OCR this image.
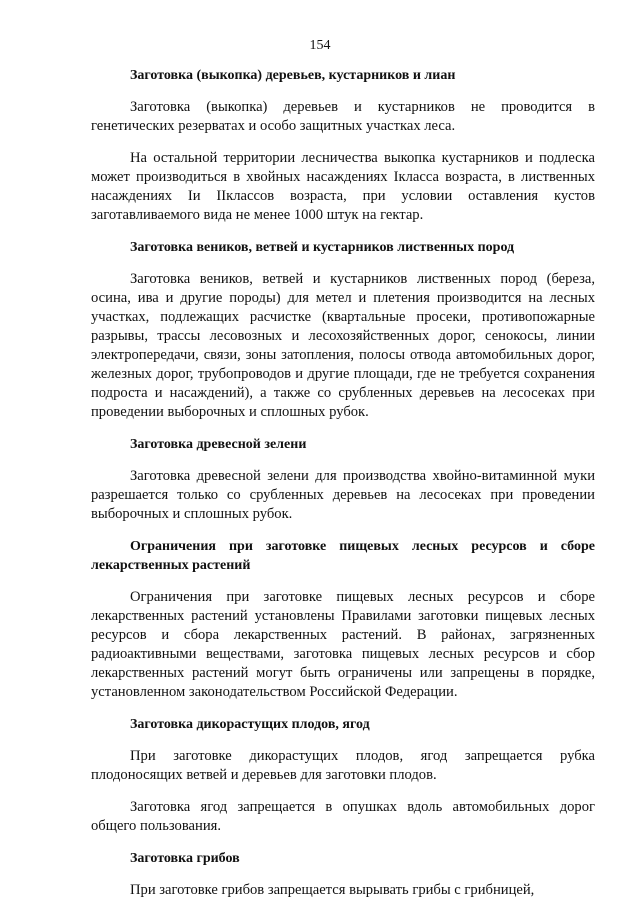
154
Заготовка (выкопка) деревьев, кустарников и лиан

Заготовка (выкопка) деревьев и кустарников не проводится в генетических резерватах и особо защитных участках леса.

На остальной территории лесничества выкопка кустарников и подлеска может производиться в хвойных насаждениях Iкласса возраста, в лиственных насаждениях Iи IIклассов возраста, при условии оставления кустов заготавливаемого вида не менее 1000 штук на гектар.

Заготовка веников, ветвей и кустарников лиственных пород

Заготовка веников, ветвей и кустарников лиственных пород (береза, осина, ива и другие породы) для метел и плетения производится на лесных участках, подлежащих расчистке (квартальные просеки, противопожарные разрывы, трассы лесовозных и лесохозяйственных дорог, сенокосы, линии электропередачи, связи, зоны затопления, полосы отвода автомобильных дорог, железных дорог, трубопроводов и другие площади, где не требуется сохранения подроста и насаждений), а также со срубленных деревьев на лесосеках при проведении выборочных и сплошных рубок.

Заготовка древесной зелени

Заготовка древесной зелени для производства хвойно-витаминной муки разрешается только со срубленных деревьев на лесосеках при проведении выборочных и сплошных рубок.

Ограничения при заготовке пищевых лесных ресурсов и сборе лекарственных растений

Ограничения при заготовке пищевых лесных ресурсов и сборе лекарственных растений установлены Правилами заготовки пищевых лесных ресурсов и сбора лекарственных растений. В районах, загрязненных радиоактивными веществами, заготовка пищевых лесных ресурсов и сбор лекарственных растений могут быть ограничены или запрещены в порядке, установленном законодательством Российской Федерации.

Заготовка дикорастущих плодов, ягод

При заготовке дикорастущих плодов, ягод запрещается рубка плодоносящих ветвей и деревьев для заготовки плодов.

Заготовка ягод запрещается в опушках вдоль автомобильных дорог общего пользования.

Заготовка грибов

При заготовке грибов запрещается вырывать грибы с грибницей,
